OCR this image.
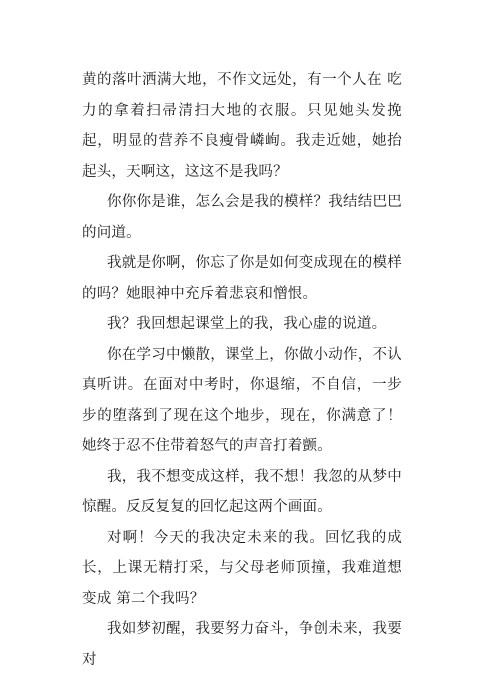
黄的落叶洒满大地，不作文远处，有一个人在 吃力的拿着扫帚清扫大地的衣服。只见她头发挽 起，明显的营养不良瘦骨嶙峋。我走近她，她抬 起头，天啊这，这这不是我吗？

你你你是谁，怎么会是我的模样？我结结巴巴 的问道。

我就是你啊，你忘了你是如何变成现在的模样 的吗？她眼神中充斥着悲哀和憎恨。

我？我回想起课堂上的我，我心虚的说道。

你在学习中懒散，课堂上，你做小动作，不认 真听讲。在面对中考时，你退缩，不自信，一步 步的堕落到了现在这个地步，现在，你满意了！ 她终于忍不住带着怒气的声音打着颤。

我，我不想变成这样，我不想！我忽的从梦中 惊醒。反反复复的回忆起这两个画面。

对啊！今天的我决定未来的我。回忆我的成长，上课无精打采，与父母老师顶撞，我难道想变成 第二个我吗？

我如梦初醒，我要努力奋斗，争创未来，我要 对
